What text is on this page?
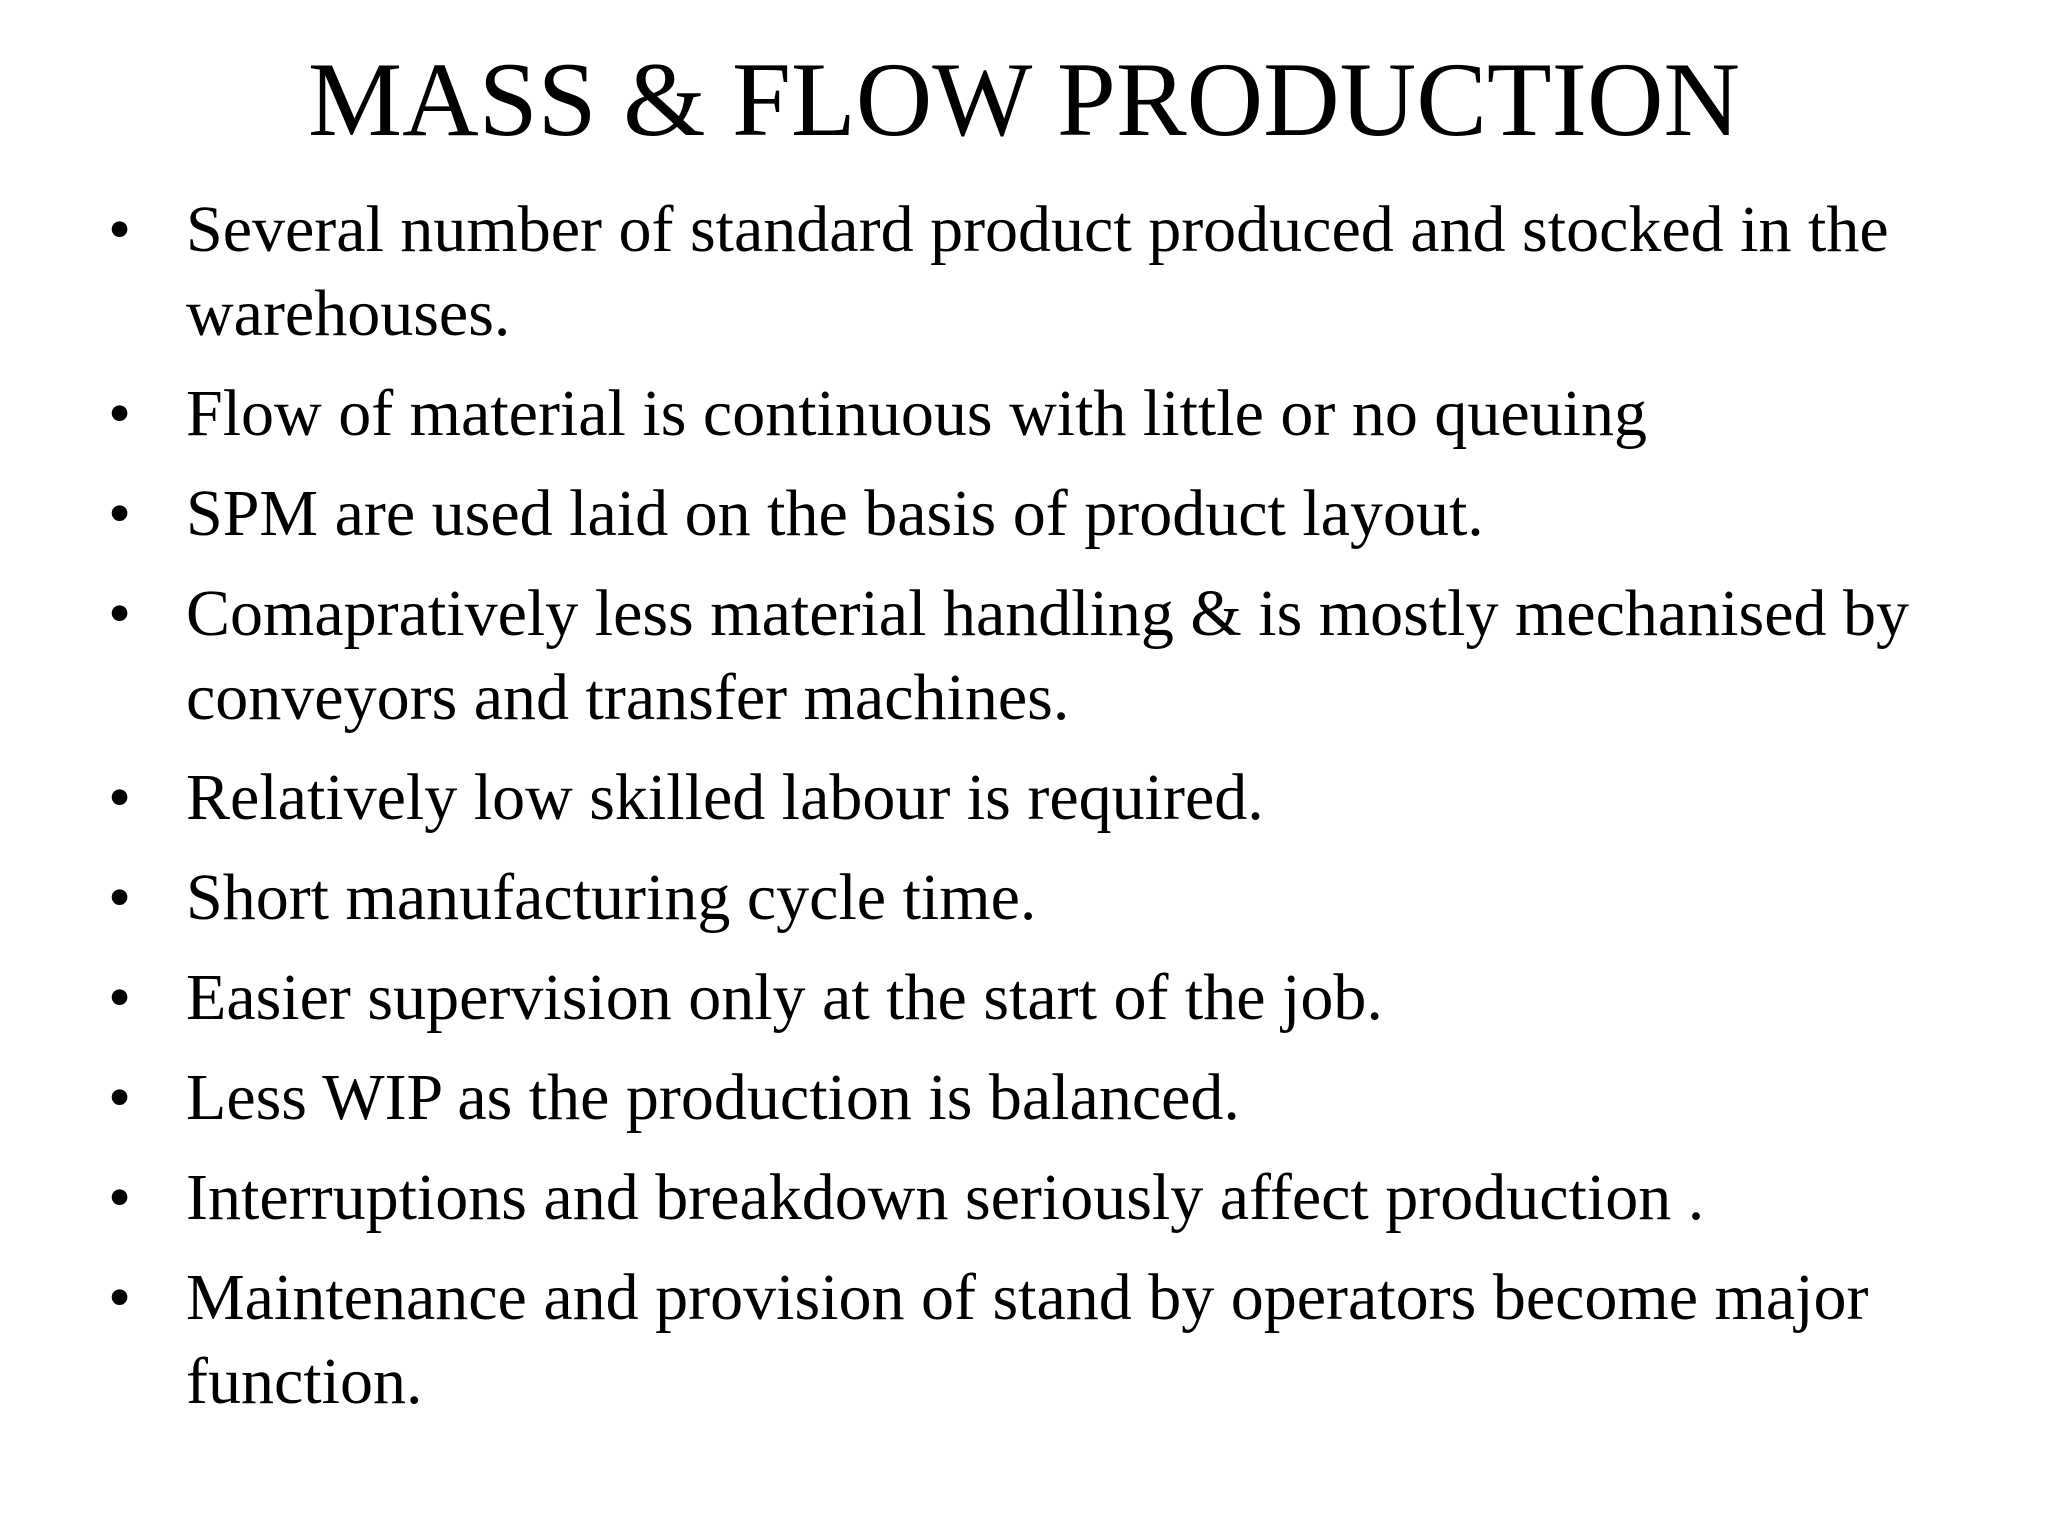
MASS & FLOW PRODUCTION
• Several number of standard product produced and stocked in the warehouses.
• Flow of material is continuous with little or no queuing
• SPM are used laid on the basis of product layout.
• Comapratively less material handling & is mostly mechanised by conveyors and transfer machines.
• Relatively low skilled labour is required.
• Short manufacturing cycle time.
• Easier supervision only at the start of the job.
• Less WIP as the production is balanced.
• Interruptions and breakdown seriously affect production .
• Maintenance and provision of stand by operators become major function.
